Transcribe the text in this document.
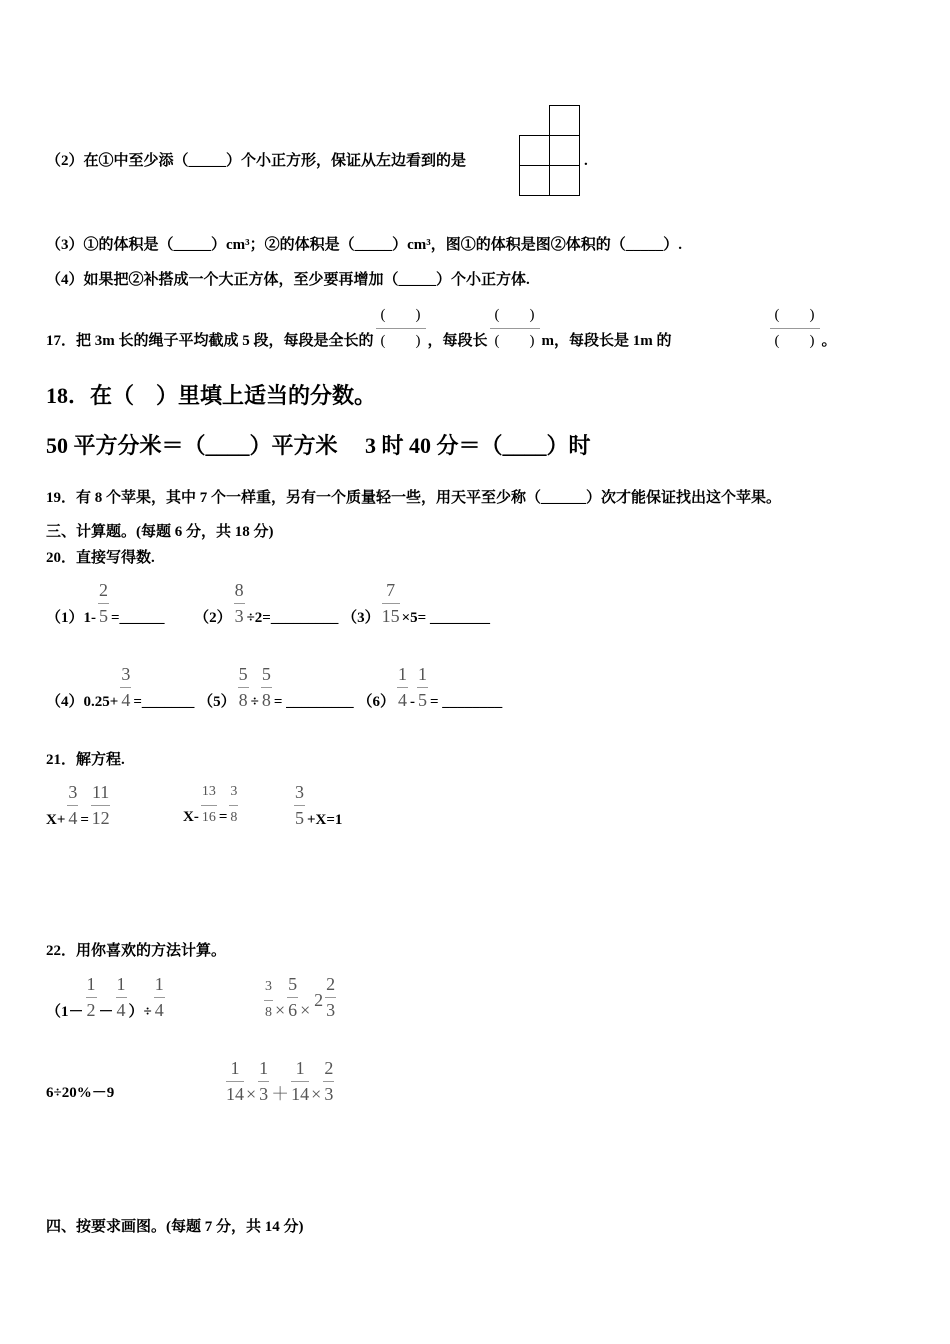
（2）在①中至少添（_____）个小正方形，保证从左边看到的是	.
（3）①的体积是（_____）cm³；②的体积是（_____）cm³，图①的体积是图②体积的（_____）.
（4）如果把②补搭成一个大正方体，至少要再增加（_____）个小正方体.
17．把 3m 长的绳子平均截成 5 段，每段是全长的 $\frac{( )}{( )}$ ，每段长 $\frac{( )}{( )}$ m，每段长是 1m 的	$\frac{( )}{( )}$ 。
18．在（　）里填上适当的分数。
50 平方分米＝（____）平方米　 3 时 40 分＝（____）时
19．有 8 个苹果，其中 7 个一样重，另有一个质量轻一些，用天平至少称（______）次才能保证找出这个苹果。
三、计算题。(每题 6 分，共 18 分)
20．直接写得数.
$(1)1- \frac{2}{5}$ =______ $(2) \frac{8}{3}$ ÷2=_________ $(3) \frac{7}{15} \times 5=$ ________
$(4)0.25+ \frac{3}{4}$ =_______ $(5) \frac{5}{8} \div \frac{5}{8}$ = _________ $(6) \frac{1}{4} - \frac{1}{5}$ = ________
21．解方程.
$X+ \frac{3}{4} = \frac{11}{12}$	$X- \frac{13}{16} = \frac{3}{8}$	$\frac{3}{5} +X=1$
22．用你喜欢的方法计算。
（$1- \frac{1}{2} - \frac{1}{4}$ ）÷ $\frac{1}{4}$	$\frac{3}{8} \times \frac{5}{6} \times 2 \frac{2}{3}$
6÷20%－9	$\frac{1}{14} \times \frac{1}{3} + \frac{1}{14} \times \frac{2}{3}$
四、按要求画图。(每题 7 分，共 14 分)
